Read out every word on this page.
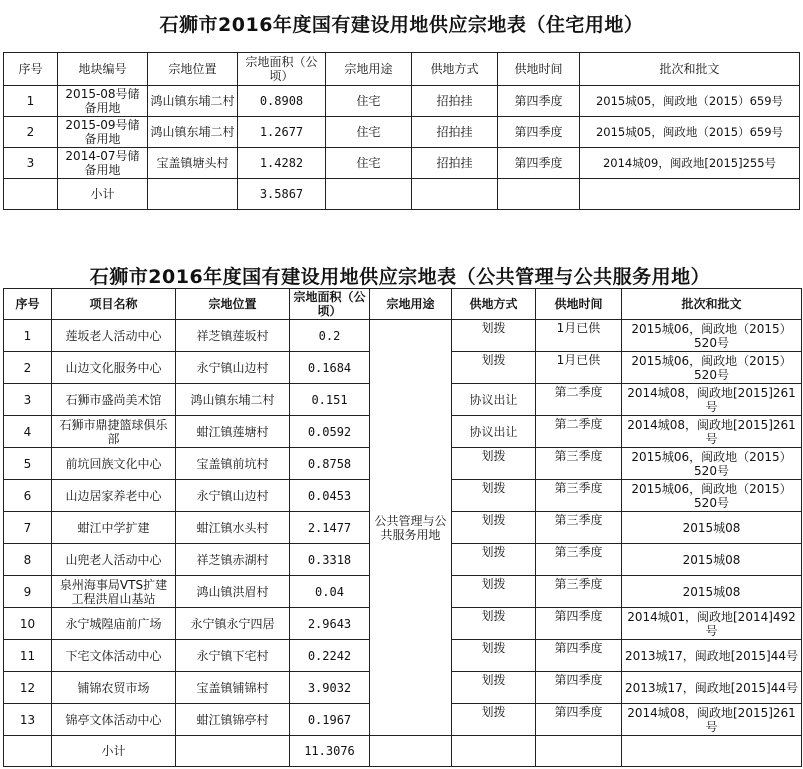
石狮市2016年度国有建设用地供应宗地表（住宅用地）
序号	地块编号	宗地位置	宗地面积（公顷）	宗地用途	供地方式	供地时间	批次和批文
1	2015-08号储备用地	鸿山镇东埔二村	0.8908	住宅	招拍挂	第四季度	2015城05，闽政地（2015）659号
2	2015-09号储备用地	鸿山镇东埔二村	1.2677	住宅	招拍挂	第四季度	2015城05，闽政地（2015）659号
3	2014-07号储备用地	宝盖镇塘头村	1.4282	住宅	招拍挂	第四季度	2014城09，闽政地[2015]255号
	小计		3.5867				
石狮市2016年度国有建设用地供应宗地表（公共管理与公共服务用地）
序号	项目名称	宗地位置	宗地面积（公顷）	宗地用途	供地方式	供地时间	批次和批文
1	莲坂老人活动中心	祥芝镇莲坂村	0.2	公共管理与公共服务用地	划拨	1月已供	2015城06，闽政地（2015）520号
2	山边文化服务中心	永宁镇山边村	0.1684		划拨	1月已供	2015城06，闽政地（2015）520号
3	石狮市盛尚美术馆	鸿山镇东埔二村	0.151		协议出让	第二季度	2014城08，闽政地[2015]261号
4	石狮市鼎捷篮球俱乐部	蚶江镇莲塘村	0.0592		协议出让	第二季度	2014城08，闽政地[2015]261号
5	前坑回族文化中心	宝盖镇前坑村	0.8758		划拨	第三季度	2015城06，闽政地（2015）520号
6	山边居家养老中心	永宁镇山边村	0.0453		划拨	第三季度	2015城06，闽政地（2015）520号
7	蚶江中学扩建	蚶江镇水头村	2.1477		划拨	第三季度	2015城08
8	山兜老人活动中心	祥芝镇赤湖村	0.3318		划拨	第三季度	2015城08
9	泉州海事局VTS扩建工程洪眉山基站	鸿山镇洪眉村	0.04		划拨	第三季度	2015城08
10	永宁城隍庙前广场	永宁镇永宁四居	2.9643		划拨	第四季度	2014城01，闽政地[2014]492号
11	下宅文体活动中心	永宁镇下宅村	0.2242		划拨	第四季度	2013城17，闽政地[2015]44号
12	铺锦农贸市场	宝盖镇铺锦村	3.9032		划拨	第四季度	2013城17，闽政地[2015]44号
13	锦亭文体活动中心	蚶江镇锦亭村	0.1967		划拨	第四季度	2014城08，闽政地[2015]261号
	小计		11.3076				
